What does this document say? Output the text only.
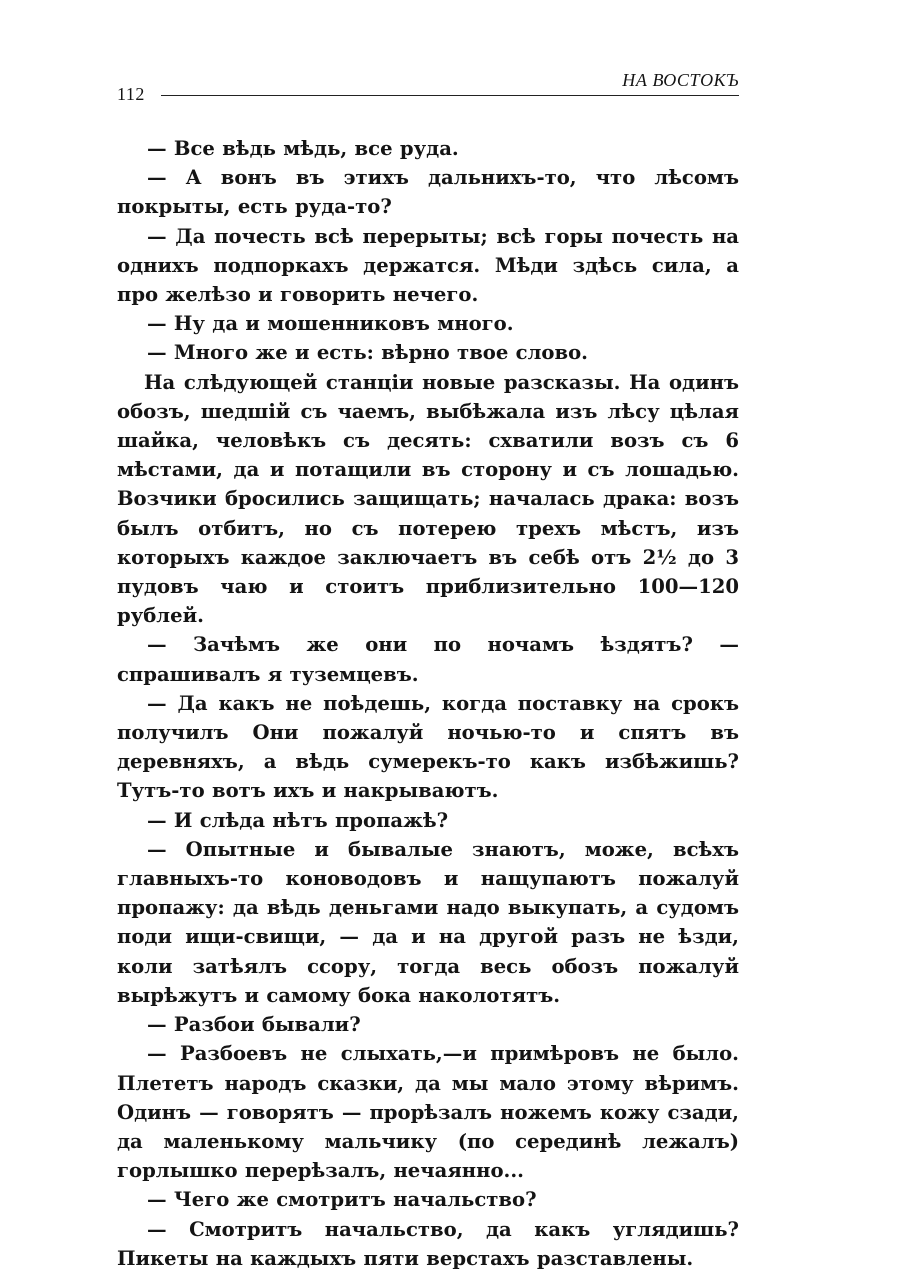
112
НА ВОСТОКЪ

— Все вѣдь мѣдь, все руда.

— А вонъ въ этихъ дальнихъ-то, что лѣсомъ покрыты, есть руда-то?

— Да почесть всѣ перерыты; всѣ горы почесть на однихъ подпоркахъ держатся. Мѣди здѣсь сила, а про желѣзо и говорить нечего.

— Ну да и мошенниковъ много.

— Много же и есть: вѣрно твое слово.

На слѣдующей станціи новые разсказы. На одинъ обозъ, шедшій съ чаемъ, выбѣжала изъ лѣсу цѣлая шайка, человѣкъ съ десять: схватили возъ съ 6 мѣстами, да и потащили въ сторону и съ лошадью. Возчики бросились защищать; началась драка: возъ былъ отбитъ, но съ потерею трехъ мѣстъ, изъ которыхъ каждое заключаетъ въ себѣ отъ 2½ до 3 пудовъ чаю и стоитъ приблизительно 100—120 рублей.

— Зачѣмъ же они по ночамъ ѣздятъ? — спрашивалъ я туземцевъ.

— Да какъ не поѣдешь, когда поставку на срокъ получилъ Они пожалуй ночью-то и спятъ въ деревняхъ, а вѣдь сумерекъ-то какъ избѣжишь? Тутъ-то вотъ ихъ и накрываютъ.

— И слѣда нѣтъ пропажѣ?

— Опытные и бывалые знаютъ, може, всѣхъ главныхъ-то коноводовъ и нащупаютъ пожалуй пропажу: да вѣдь деньгами надо выкупать, а судомъ поди ищи-свищи, — да и на другой разъ не ѣзди, коли затѣялъ ссору, тогда весь обозъ пожалуй вырѣжутъ и самому бока наколотятъ.

— Разбои бывали?

— Разбоевъ не слыхать,—и примѣровъ не было. Плететъ народъ сказки, да мы мало этому вѣримъ. Одинъ — говорятъ — прорѣзалъ ножемъ кожу сзади, да маленькому мальчику (по серединѣ лежалъ) горлышко перерѣзалъ, нечаянно...

— Чего же смотритъ начальство?

— Смотритъ начальство, да какъ углядишь? Пикеты на каждыхъ пяти верстахъ разставлены.
